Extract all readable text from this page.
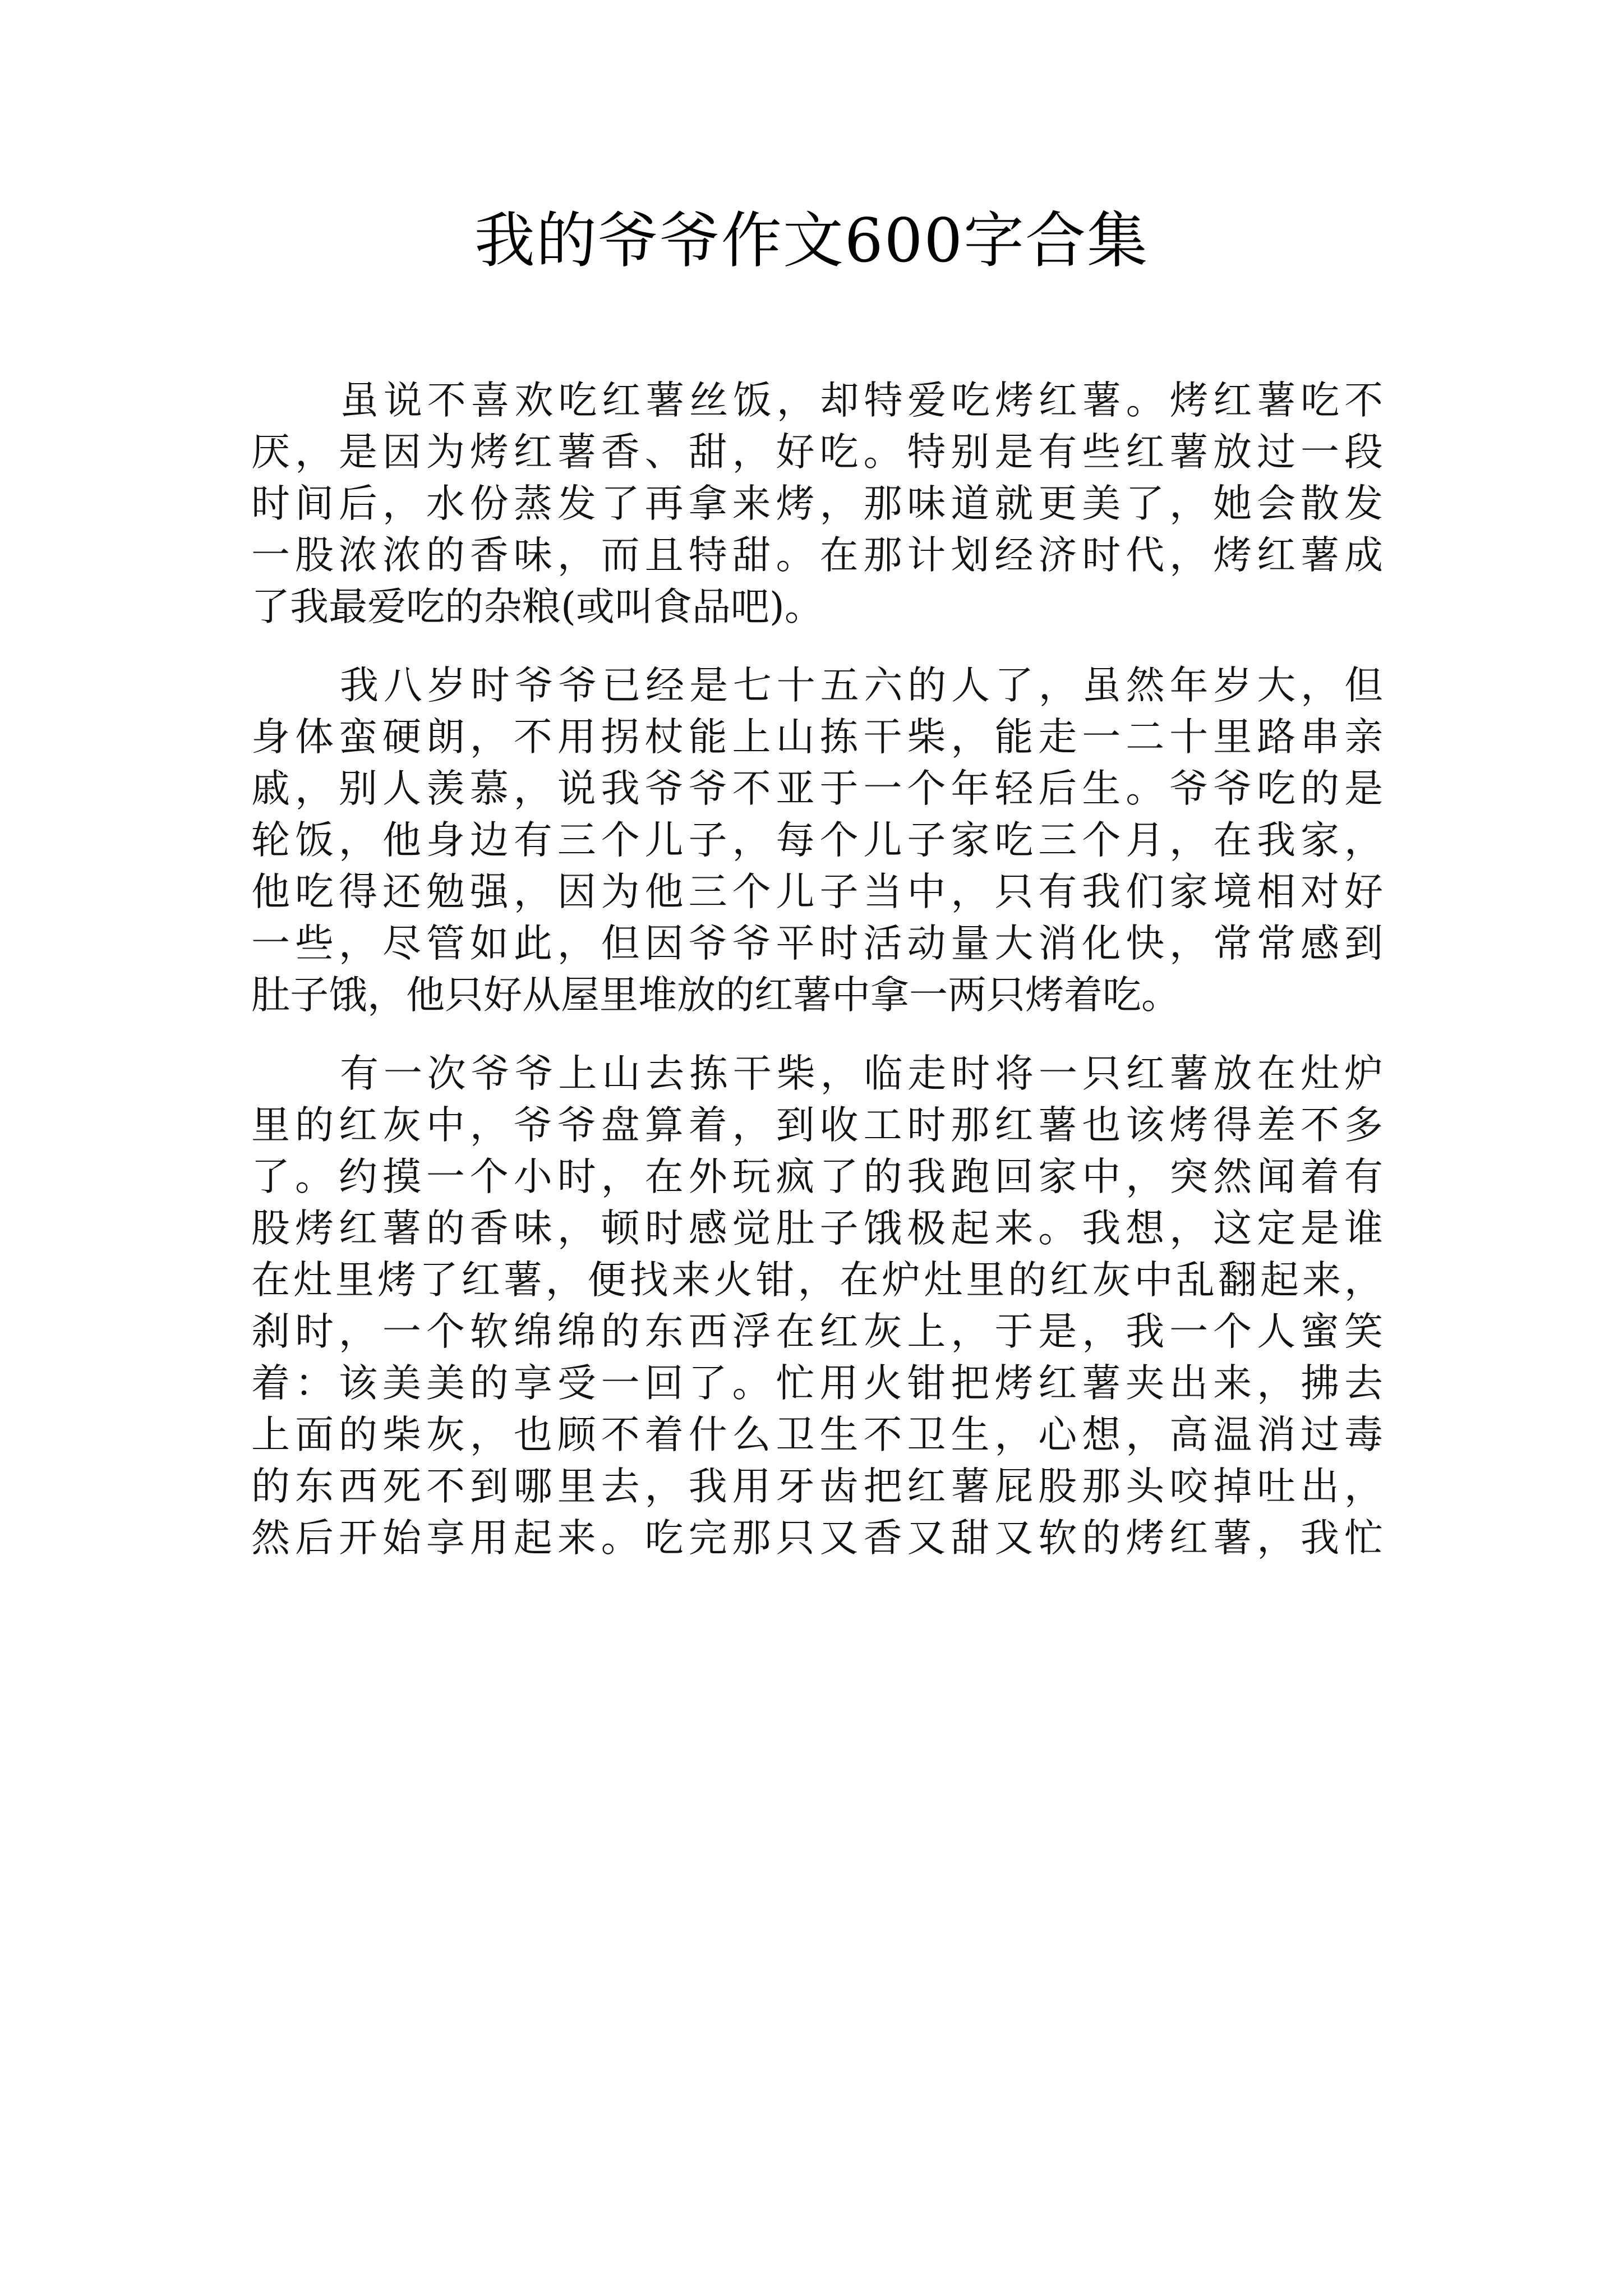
我的爷爷作文600字合集
虽说不喜欢吃红薯丝饭，却特爱吃烤红薯。烤红薯吃不
厌，是因为烤红薯香、甜，好吃。特别是有些红薯放过一段
时间后，水份蒸发了再拿来烤，那味道就更美了，她会散发
一股浓浓的香味，而且特甜。在那计划经济时代，烤红薯成
了我最爱吃的杂粮(或叫食品吧)。
我八岁时爷爷已经是七十五六的人了，虽然年岁大，但
身体蛮硬朗，不用拐杖能上山拣干柴，能走一二十里路串亲
戚，别人羡慕，说我爷爷不亚于一个年轻后生。爷爷吃的是
轮饭，他身边有三个儿子，每个儿子家吃三个月，在我家，
他吃得还勉强，因为他三个儿子当中，只有我们家境相对好
一些，尽管如此，但因爷爷平时活动量大消化快，常常感到
肚子饿，他只好从屋里堆放的红薯中拿一两只烤着吃。
有一次爷爷上山去拣干柴，临走时将一只红薯放在灶炉
里的红灰中，爷爷盘算着，到收工时那红薯也该烤得差不多
了。约摸一个小时，在外玩疯了的我跑回家中，突然闻着有
股烤红薯的香味，顿时感觉肚子饿极起来。我想，这定是谁
在灶里烤了红薯，便找来火钳，在炉灶里的红灰中乱翻起来，
刹时，一个软绵绵的东西浮在红灰上，于是，我一个人蜜笑
着：该美美的享受一回了。忙用火钳把烤红薯夹出来，拂去
上面的柴灰，也顾不着什么卫生不卫生，心想，高温消过毒
的东西死不到哪里去，我用牙齿把红薯屁股那头咬掉吐出，
然后开始享用起来。吃完那只又香又甜又软的烤红薯，我忙
